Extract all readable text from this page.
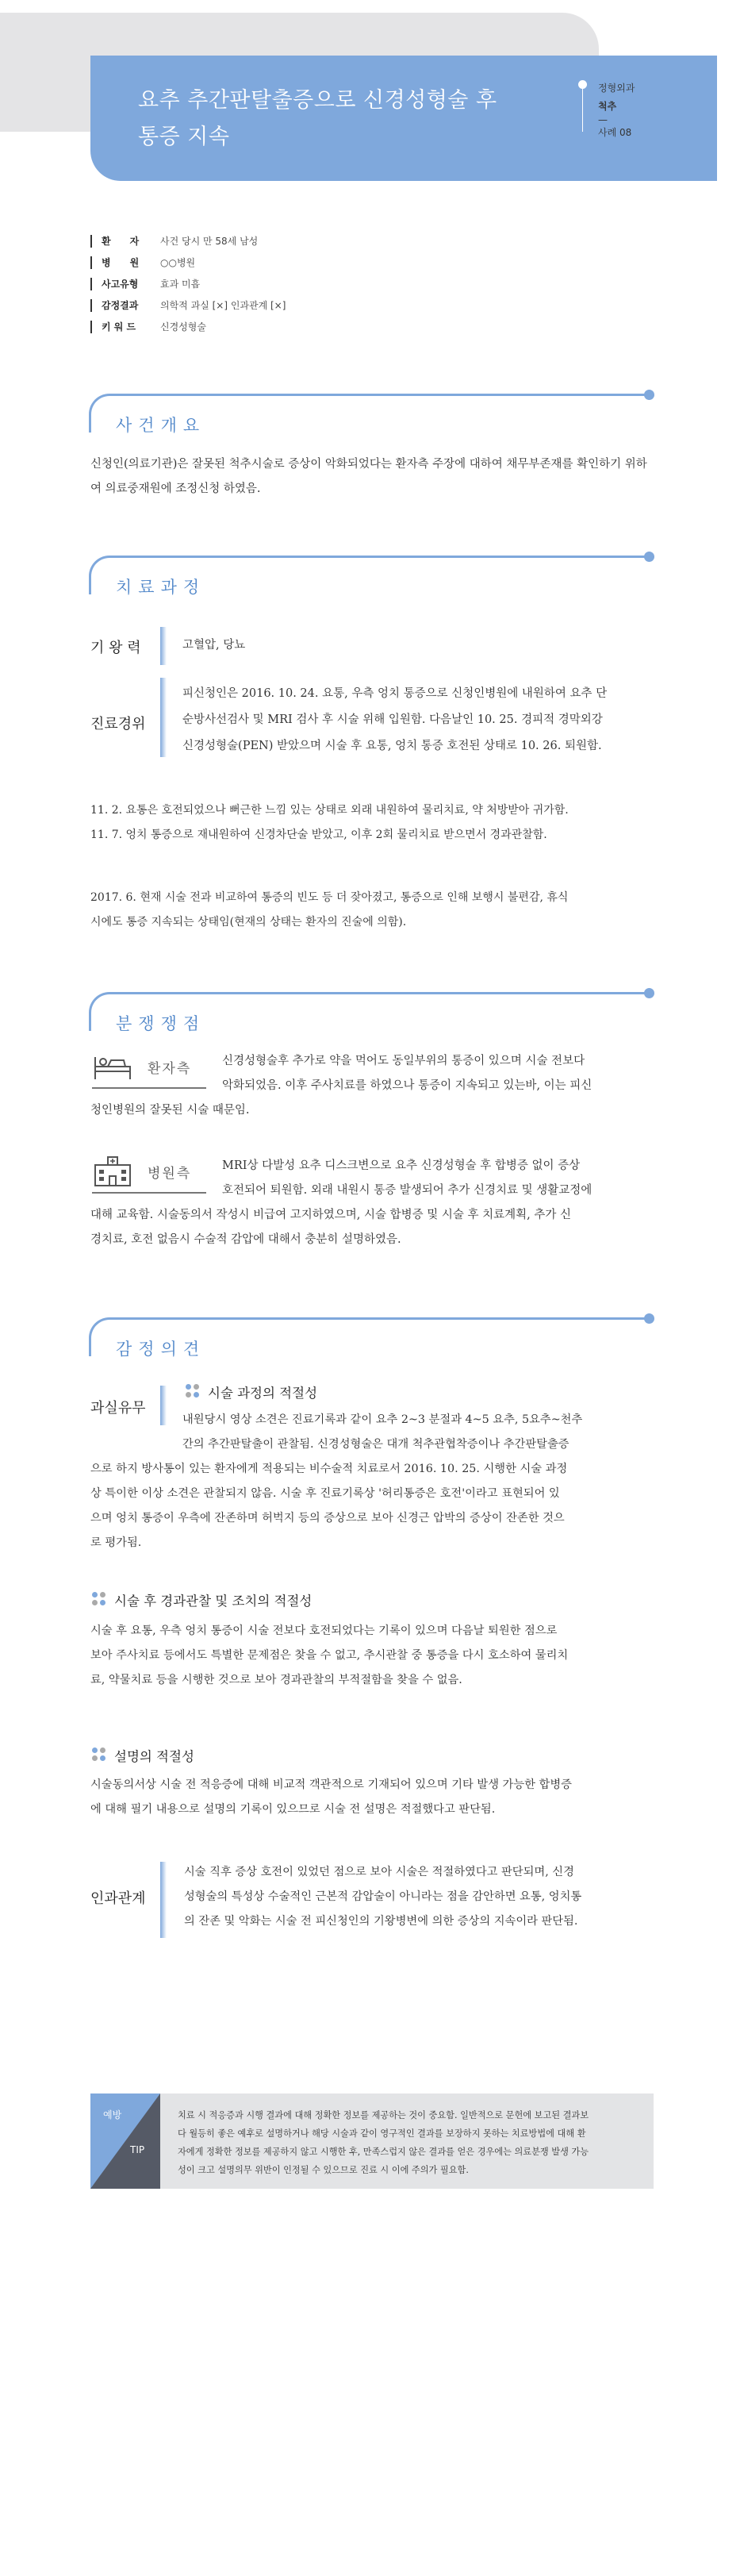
요추 추간판탈출증으로 신경성형술 후
통증 지속
정형외과
척추
—
사례 08
환　　자	사건 당시 만 58세 남성
병　　원	○○병원
사고유형	효과 미흡
감정결과	의학적 과실 [×] 인과관계 [×]
키 워 드	신경성형술
사건개요

신청인(의료기관)은 잘못된 척추시술로 증상이 악화되었다는 환자측 주장에 대하여 채무부존재를 확인하기 위하여 의료중재원에 조정신청 하였음.

치료과정
기 왕 력	고혈압, 당뇨
진료경위
피신청인은 2016. 10. 24. 요통, 우측 엉치 통증으로 신청인병원에 내원하여 요추 단
순방사선검사 및 MRI 검사 후 시술 위해 입원함. 다음날인 10. 25. 경피적 경막외강
신경성형술(PEN) 받았으며 시술 후 요통, 엉치 통증 호전된 상태로 10. 26. 퇴원함.
11. 2. 요통은 호전되었으나 뻐근한 느낌 있는 상태로 외래 내원하여 물리치료, 약 처방받아 귀가함.
11. 7. 엉치 통증으로 재내원하여 신경차단술 받았고, 이후 2회 물리치료 받으면서 경과관찰함.
2017. 6. 현재 시술 전과 비교하여 통증의 빈도 등 더 잦아졌고, 통증으로 인해 보행시 불편감, 휴식
시에도 통증 지속되는 상태임(현재의 상태는 환자의 진술에 의함).
분쟁쟁점
환자측	신경성형술후 추가로 약을 먹어도 동일부위의 통증이 있으며 시술 전보다
악화되었음. 이후 주사치료를 하였으나 통증이 지속되고 있는바, 이는 피신
청인병원의 잘못된 시술 때문임.
병원측	MRI상 다발성 요추 디스크변으로 요추 신경성형술 후 합병증 없이 증상
호전되어 퇴원함. 외래 내원시 통증 발생되어 추가 신경치료 및 생활교정에
대해 교육함. 시술동의서 작성시 비급여 고지하였으며, 시술 합병증 및 시술 후 치료계획, 추가 신
경치료, 호전 없음시 수술적 감압에 대해서 충분히 설명하였음.
감정의견
과실유무
시술 과정의 적절성
내원당시 영상 소견은 진료기록과 같이 요추 2~3 분절과 4~5 요추, 5요추~천추
간의 추간판탈출이 관찰됨. 신경성형술은 대개 척추관협착증이나 추간판탈출증
으로 하지 방사통이 있는 환자에게 적용되는 비수술적 치료로서 2016. 10. 25. 시행한 시술 과정
상 특이한 이상 소견은 관찰되지 않음. 시술 후 진료기록상 '허리통증은 호전'이라고 표현되어 있
으며 엉치 통증이 우측에 잔존하며 허벅지 등의 증상으로 보아 신경근 압박의 증상이 잔존한 것으
로 평가됨.
시술 후 경과관찰 및 조치의 적절성
시술 후 요통, 우측 엉치 통증이 시술 전보다 호전되었다는 기록이 있으며 다음날 퇴원한 점으로
보아 주사치료 등에서도 특별한 문제점은 찾을 수 없고, 추시관찰 중 통증을 다시 호소하여 물리치
료, 약물치료 등을 시행한 것으로 보아 경과관찰의 부적절함을 찾을 수 없음.
설명의 적절성
시술동의서상 시술 전 적응증에 대해 비교적 객관적으로 기재되어 있으며 기타 발생 가능한 합병증
에 대해 필기 내용으로 설명의 기록이 있으므로 시술 전 설명은 적절했다고 판단됨.
인과관계
시술 직후 증상 호전이 있었던 점으로 보아 시술은 적절하였다고 판단되며, 신경
성형술의 특성상 수술적인 근본적 감압술이 아니라는 점을 감안하면 요통, 엉치통
의 잔존 및 악화는 시술 전 피신청인의 기왕병변에 의한 증상의 지속이라 판단됨.
예방
TIP
치료 시 적응증과 시행 결과에 대해 정확한 정보를 제공하는 것이 중요함. 일반적으로 문헌에 보고된 결과보
다 월등히 좋은 예후로 설명하거나 해당 시술과 같이 영구적인 결과를 보장하지 못하는 치료방법에 대해 환
자에게 정확한 정보를 제공하지 않고 시행한 후, 만족스럽지 않은 결과를 얻은 경우에는 의료분쟁 발생 가능
성이 크고 설명의무 위반이 인정될 수 있으므로 진료 시 이에 주의가 필요함.
